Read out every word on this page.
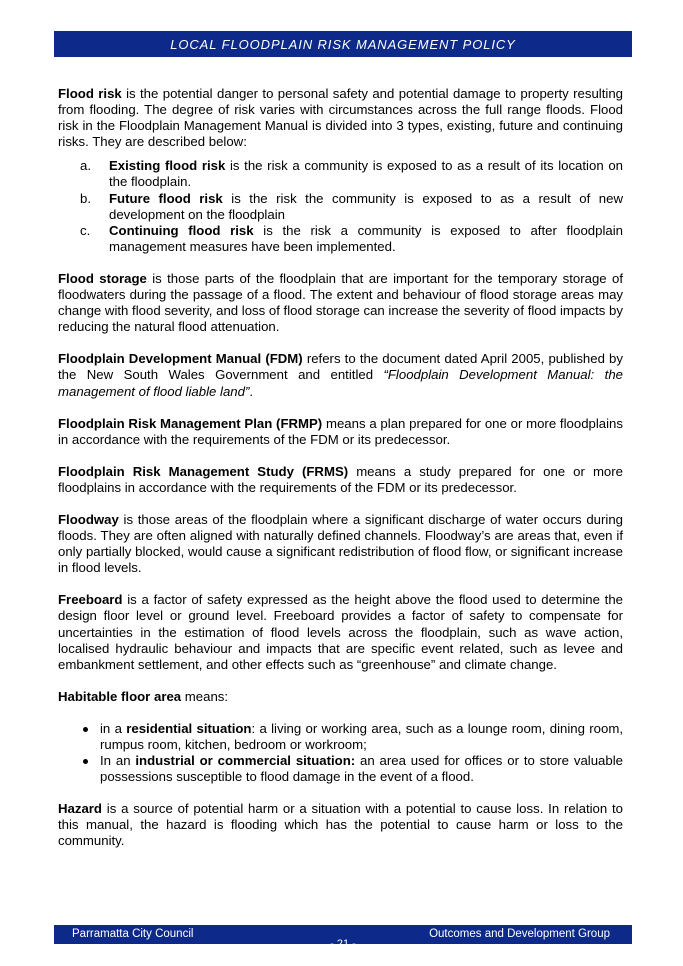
LOCAL FLOODPLAIN RISK MANAGEMENT POLICY

Flood risk is the potential danger to personal safety and potential damage to property resulting from flooding. The degree of risk varies with circumstances across the full range floods. Flood risk in the Floodplain Management Manual is divided into 3 types, existing, future and continuing risks. They are described below:

a. Existing flood risk is the risk a community is exposed to as a result of its location on the floodplain.
b. Future flood risk is the risk the community is exposed to as a result of new development on the floodplain
c. Continuing flood risk is the risk a community is exposed to after floodplain management measures have been implemented.

Flood storage is those parts of the floodplain that are important for the temporary storage of floodwaters during the passage of a flood. The extent and behaviour of flood storage areas may change with flood severity, and loss of flood storage can increase the severity of flood impacts by reducing the natural flood attenuation.

Floodplain Development Manual (FDM) refers to the document dated April 2005, published by the New South Wales Government and entitled “Floodplain Development Manual: the management of flood liable land”.

Floodplain Risk Management Plan (FRMP) means a plan prepared for one or more floodplains in accordance with the requirements of the FDM or its predecessor.

Floodplain Risk Management Study (FRMS) means a study prepared for one or more floodplains in accordance with the requirements of the FDM or its predecessor.

Floodway is those areas of the floodplain where a significant discharge of water occurs during floods. They are often aligned with naturally defined channels. Floodway’s are areas that, even if only partially blocked, would cause a significant redistribution of flood flow, or significant increase in flood levels.

Freeboard is a factor of safety expressed as the height above the flood used to determine the design floor level or ground level. Freeboard provides a factor of safety to compensate for uncertainties in the estimation of flood levels across the floodplain, such as wave action, localised hydraulic behaviour and impacts that are specific event related, such as levee and embankment settlement, and other effects such as “greenhouse” and climate change.

Habitable floor area means:

in a residential situation: a living or working area, such as a lounge room, dining room, rumpus room, kitchen, bedroom or workroom;
In an industrial or commercial situation: an area used for offices or to store valuable possessions susceptible to flood damage in the event of a flood.

Hazard is a source of potential harm or a situation with a potential to cause loss. In relation to this manual, the hazard is flooding which has the potential to cause harm or loss to the community.

Parramatta City Council	Outcomes and Development Group
- 21 -
